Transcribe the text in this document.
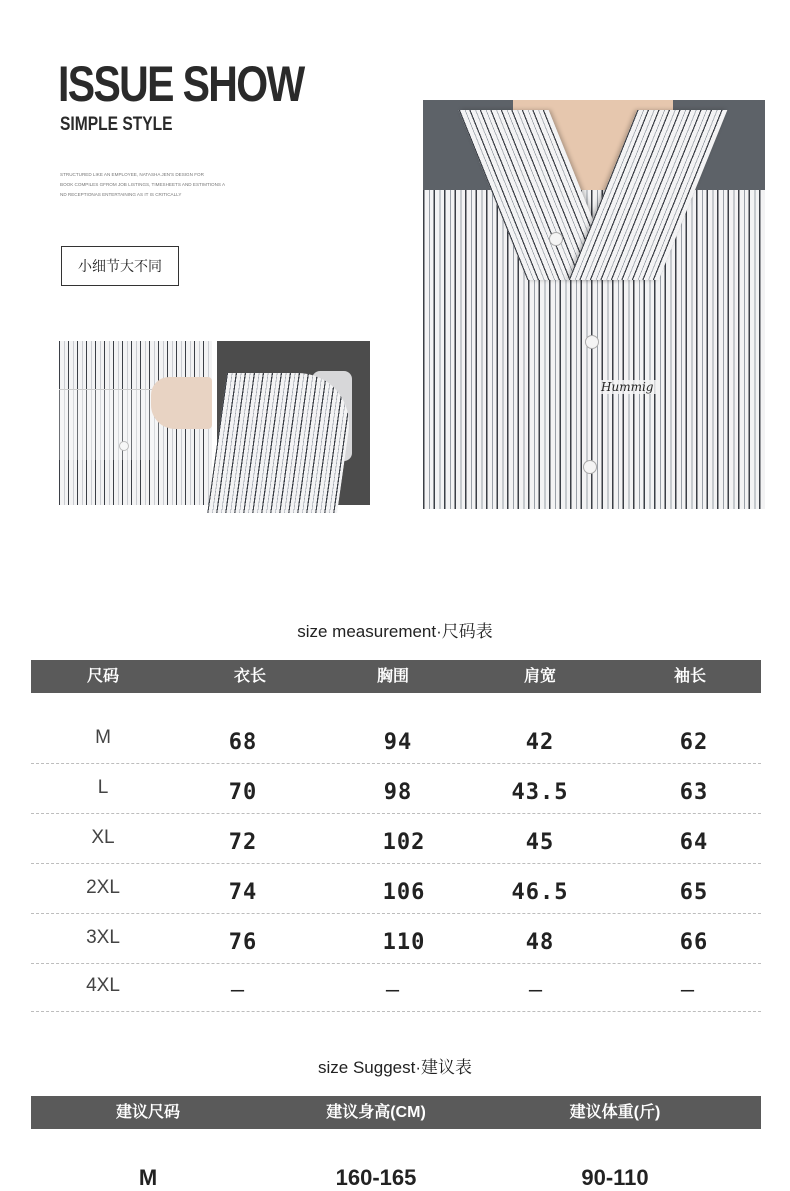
ISSUE SHOW
SIMPLE STYLE
STRUCTURED LIKE AN EMPLOYEE, NATASHA JEN'S DESIGN FOR
BOOK COMPILES GFROM JOB LISTINGS, TIMESHEETS AND ESTIMTIONS A
ND RECEPTIONAS ENTERTAINING AS IT IS CRITICALLY
小细节大不同
Hummig
size measurement·尺码表
尺码	衣长	胸围	肩宽	袖长
M	68	94	42	62
L	70	98	43.5	63
XL	72	102	45	64
2XL	74	106	46.5	65
3XL	76	110	48	66
4XL	—	—	—	—
size Suggest·建议表
建议尺码	建议身高(CM)	建议体重(斤)
M	160-165	90-110
